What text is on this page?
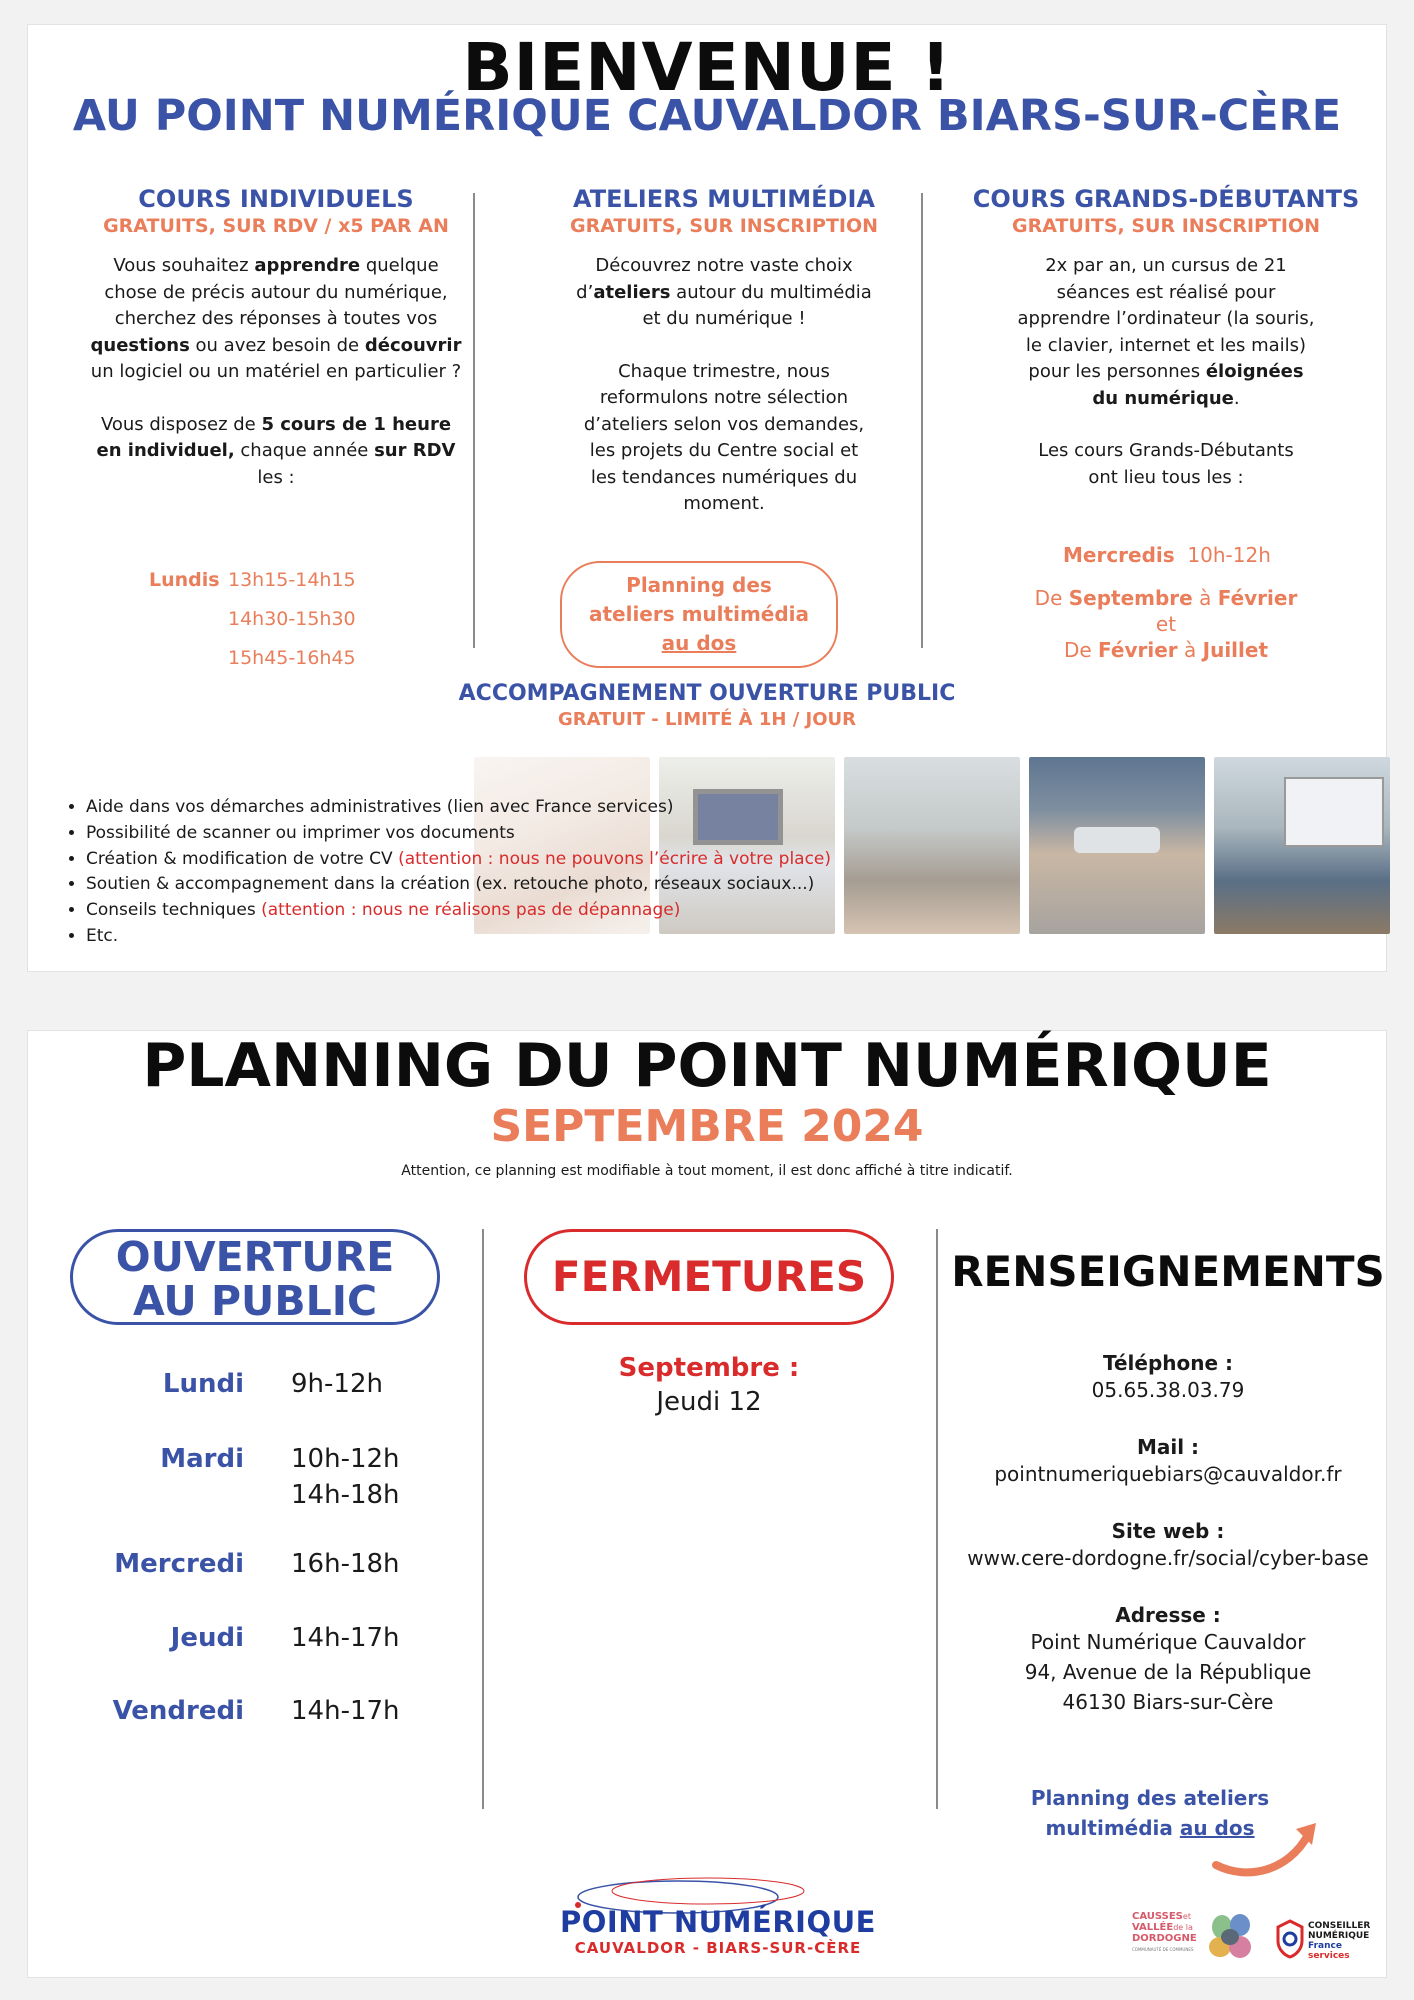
BIENVENUE !
AU POINT NUMÉRIQUE CAUVALDOR BIARS-SUR-CÈRE
COURS INDIVIDUELS
GRATUITS, SUR RDV / x5 PAR AN

Vous souhaitez apprendre quelque chose de précis autour du numérique, cherchez des réponses à toutes vos questions ou avez besoin de découvrir un logiciel ou un matériel en particulier ?

Vous disposez de 5 cours de 1 heure en individuel, chaque année sur RDV les :

Lundis 13h15-14h15
14h30-15h30
15h45-16h45
ATELIERS MULTIMÉDIA
GRATUITS, SUR INSCRIPTION

Découvrez notre vaste choix d’ateliers autour du multimédia et du numérique !

Chaque trimestre, nous reformulons notre sélection d’ateliers selon vos demandes, les projets du Centre social et les tendances numériques du moment.

Planning des ateliers multimédia au dos
COURS GRANDS-DÉBUTANTS
GRATUITS, SUR INSCRIPTION

2x par an, un cursus de 21 séances est réalisé pour apprendre l’ordinateur (la souris, le clavier, internet et les mails) pour les personnes éloignées du numérique.

Les cours Grands-Débutants ont lieu tous les :

Mercredis 10h-12h
De Septembre à Février
et
De Février à Juillet
ACCOMPAGNEMENT OUVERTURE PUBLIC
GRATUIT - LIMITÉ À 1H / JOUR
• Aide dans vos démarches administratives (lien avec France services)
• Possibilité de scanner ou imprimer vos documents
• Création & modification de votre CV (attention : nous ne pouvons l’écrire à votre place)
• Soutien & accompagnement dans la création (ex. retouche photo, réseaux sociaux...)
• Conseils techniques (attention : nous ne réalisons pas de dépannage)
• Etc.
PLANNING DU POINT NUMÉRIQUE
SEPTEMBRE 2024
Attention, ce planning est modifiable à tout moment, il est donc affiché à titre indicatif.
OUVERTURE
AU PUBLIC
Lundi 9h-12h
Mardi 10h-12h
14h-18h
Mercredi 16h-18h
Jeudi 14h-17h
Vendredi 14h-17h
FERMETURES
Septembre :
Jeudi 12
RENSEIGNEMENTS
Téléphone :

05.65.38.03.79

Mail :

pointnumeriquebiars@cauvaldor.fr

Site web :

www.cere-dordogne.fr/social/cyber-base

Adresse :

Point Numérique Cauvaldor

94, Avenue de la République

46130 Biars-sur-Cère

Planning des ateliers
multimédia au dos
POINT NUMÉRIQUE
CAUVALDOR - BIARS-SUR-CÈRE
CAUSSESet
VALLÉEde la
DORDOGNE
COMMUNAUTÉ DE COMMUNES
CONSEILLER
NUMÉRIQUE
France
services
